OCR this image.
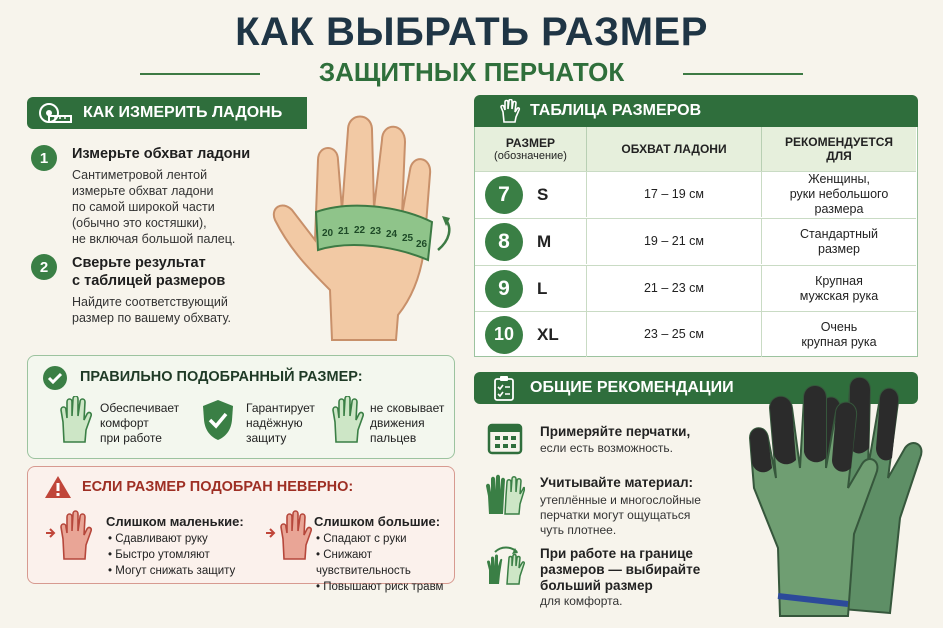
КАК ВЫБРАТЬ РАЗМЕР
ЗАЩИТНЫХ ПЕРЧАТОК
КАК ИЗМЕРИТЬ ЛАДОНЬ
1	Измерьте обхват ладони
Сантиметровой лентой
измерьте обхват ладони
по самой широкой части
(обычно это костяшки),
не включая большой палец.
2	Сверьте результат
с таблицей размеров
Найдите соответствующий
размер по вашему обхвату.
20 21 22 23 24 25
26
ПРАВИЛЬНО ПОДОБРАННЫЙ РАЗМЕР:
Обеспечивает
комфорт
при работе
Гарантирует
надёжную
защиту
не сковывает
движения
пальцев
ЕСЛИ РАЗМЕР ПОДОБРАН НЕВЕРНО:
Слишком маленькие:
• Сдавливают руку
• Быстро утомляют
• Могут снижать защиту
Слишком большие:
• Спадают с руки
• Снижают чувствительность
• Повышают риск травм
ТАБЛИЦА РАЗМЕРОВ
РАЗМЕР
(обозначение)	ОБХВАТ ЛАДОНИ	РЕКОМЕНДУЕТСЯ
ДЛЯ
7	S	17 – 19 см
Женщины,
руки небольшого
размера
8	M	19 – 21 см
Стандартный
размер
9	L	21 – 23 см
Крупная
мужская рука
10	XL	23 – 25 см
Очень
крупная рука
ОБЩИЕ РЕКОМЕНДАЦИИ
Примеряйте перчатки,
если есть возможность.
Учитывайте материал:
утеплённые и многослойные
перчатки могут ощущаться
чуть плотнее.
При работе на границе
размеров — выбирайте
больший размер
для комфорта.
